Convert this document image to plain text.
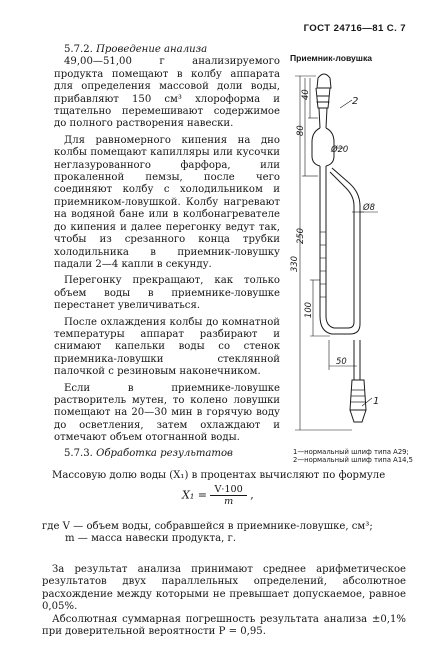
ГОСТ 24716—81 С. 7

5.7.2. Проведение анализа

49,00—51,00 г анализируемого продукта помещают в колбу аппарата для определения массовой доли воды, прибавляют 150 см³ хлороформа и тщательно перемешивают содержимое до полного растворения навески.

Для равномерного кипения на дно колбы помещают капилляры или кусочки неглазурованного фарфора, или прокаленной пемзы, после чего соединяют колбу с холодильником и приемником-ловушкой. Колбу нагревают на водяной бане или в колбонагревателе до кипения и далее перегонку ведут так, чтобы из срезанного конца трубки холодильника в приемник-ловушку падали 2—4 капли в секунду.

Перегонку прекращают, как только объем воды в приемнике-ловушке перестанет увеличиваться.

После охлаждения колбы до комнатной температуры аппарат разбирают и снимают капельки воды со стенок приемника-ловушки стеклянной палочкой с резиновым наконечником.

Если в приемнике-ловушке растворитель мутен, то колено ловушки помещают на 20—30 мин в горячую воду до осветления, затем охлаждают и отмечают объем отогнанной воды.

5.7.3. Обработка результатов

Приемник-ловушка
40
80
250
330
100
50
Ø20
Ø8
2
1
1—нормальный шлиф типа А29;
2—нормальный шлиф типа А14,5

Массовую долю воды (X₁) в процентах вычисляют по формуле

$X_1 = \frac{V\cdot 100}{m}$ ,

где V — объем воды, собравшейся в приемнике-ловушке, см³;

m — масса навески продукта, г.

За результат анализа принимают среднее арифметическое результатов двух параллельных определений, абсолютное расхождение между которыми не превышает допускаемое, равное 0,05%.

Абсолютная суммарная погрешность результата анализа ±0,1% при доверительной вероятности P = 0,95.
